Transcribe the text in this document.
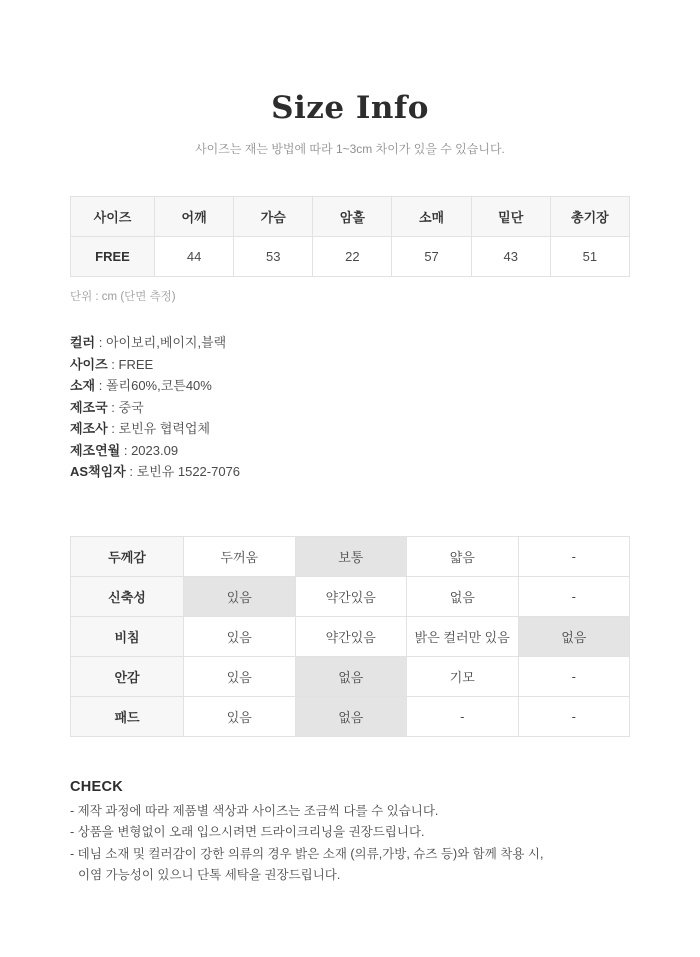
Size Info
사이즈는 재는 방법에 따라 1~3cm 차이가 있을 수 있습니다.
사이즈	어깨	가슴	암홀	소매	밑단	총기장
FREE	44	53	22	57	43	51
단위 : cm (단면 측정)
컬러 : 아이보리,베이지,블랙
사이즈 : FREE
소재 : 폴리60%,코튼40%
제조국 : 중국
제조사 : 로빈유 협력업체
제조연월 : 2023.09
AS책임자 : 로빈유 1522-7076
두께감	두꺼움	보통	얇음	-
신축성	있음	약간있음	없음	-
비침	있음	약간있음	밝은 컬러만 있음	없음
안감	있음	없음	기모	-
패드	있음	없음	-	-
CHECK
- 제작 과정에 따라 제품별 색상과 사이즈는 조금씩 다를 수 있습니다.
- 상품을 변형없이 오래 입으시려면 드라이크리닝을 권장드립니다.
- 데님 소재 및 컬러감이 강한 의류의 경우 밝은 소재 (의류,가방, 슈즈 등)와 함께 착용 시,
이염 가능성이 있으니 단톡 세탁을 권장드립니다.
